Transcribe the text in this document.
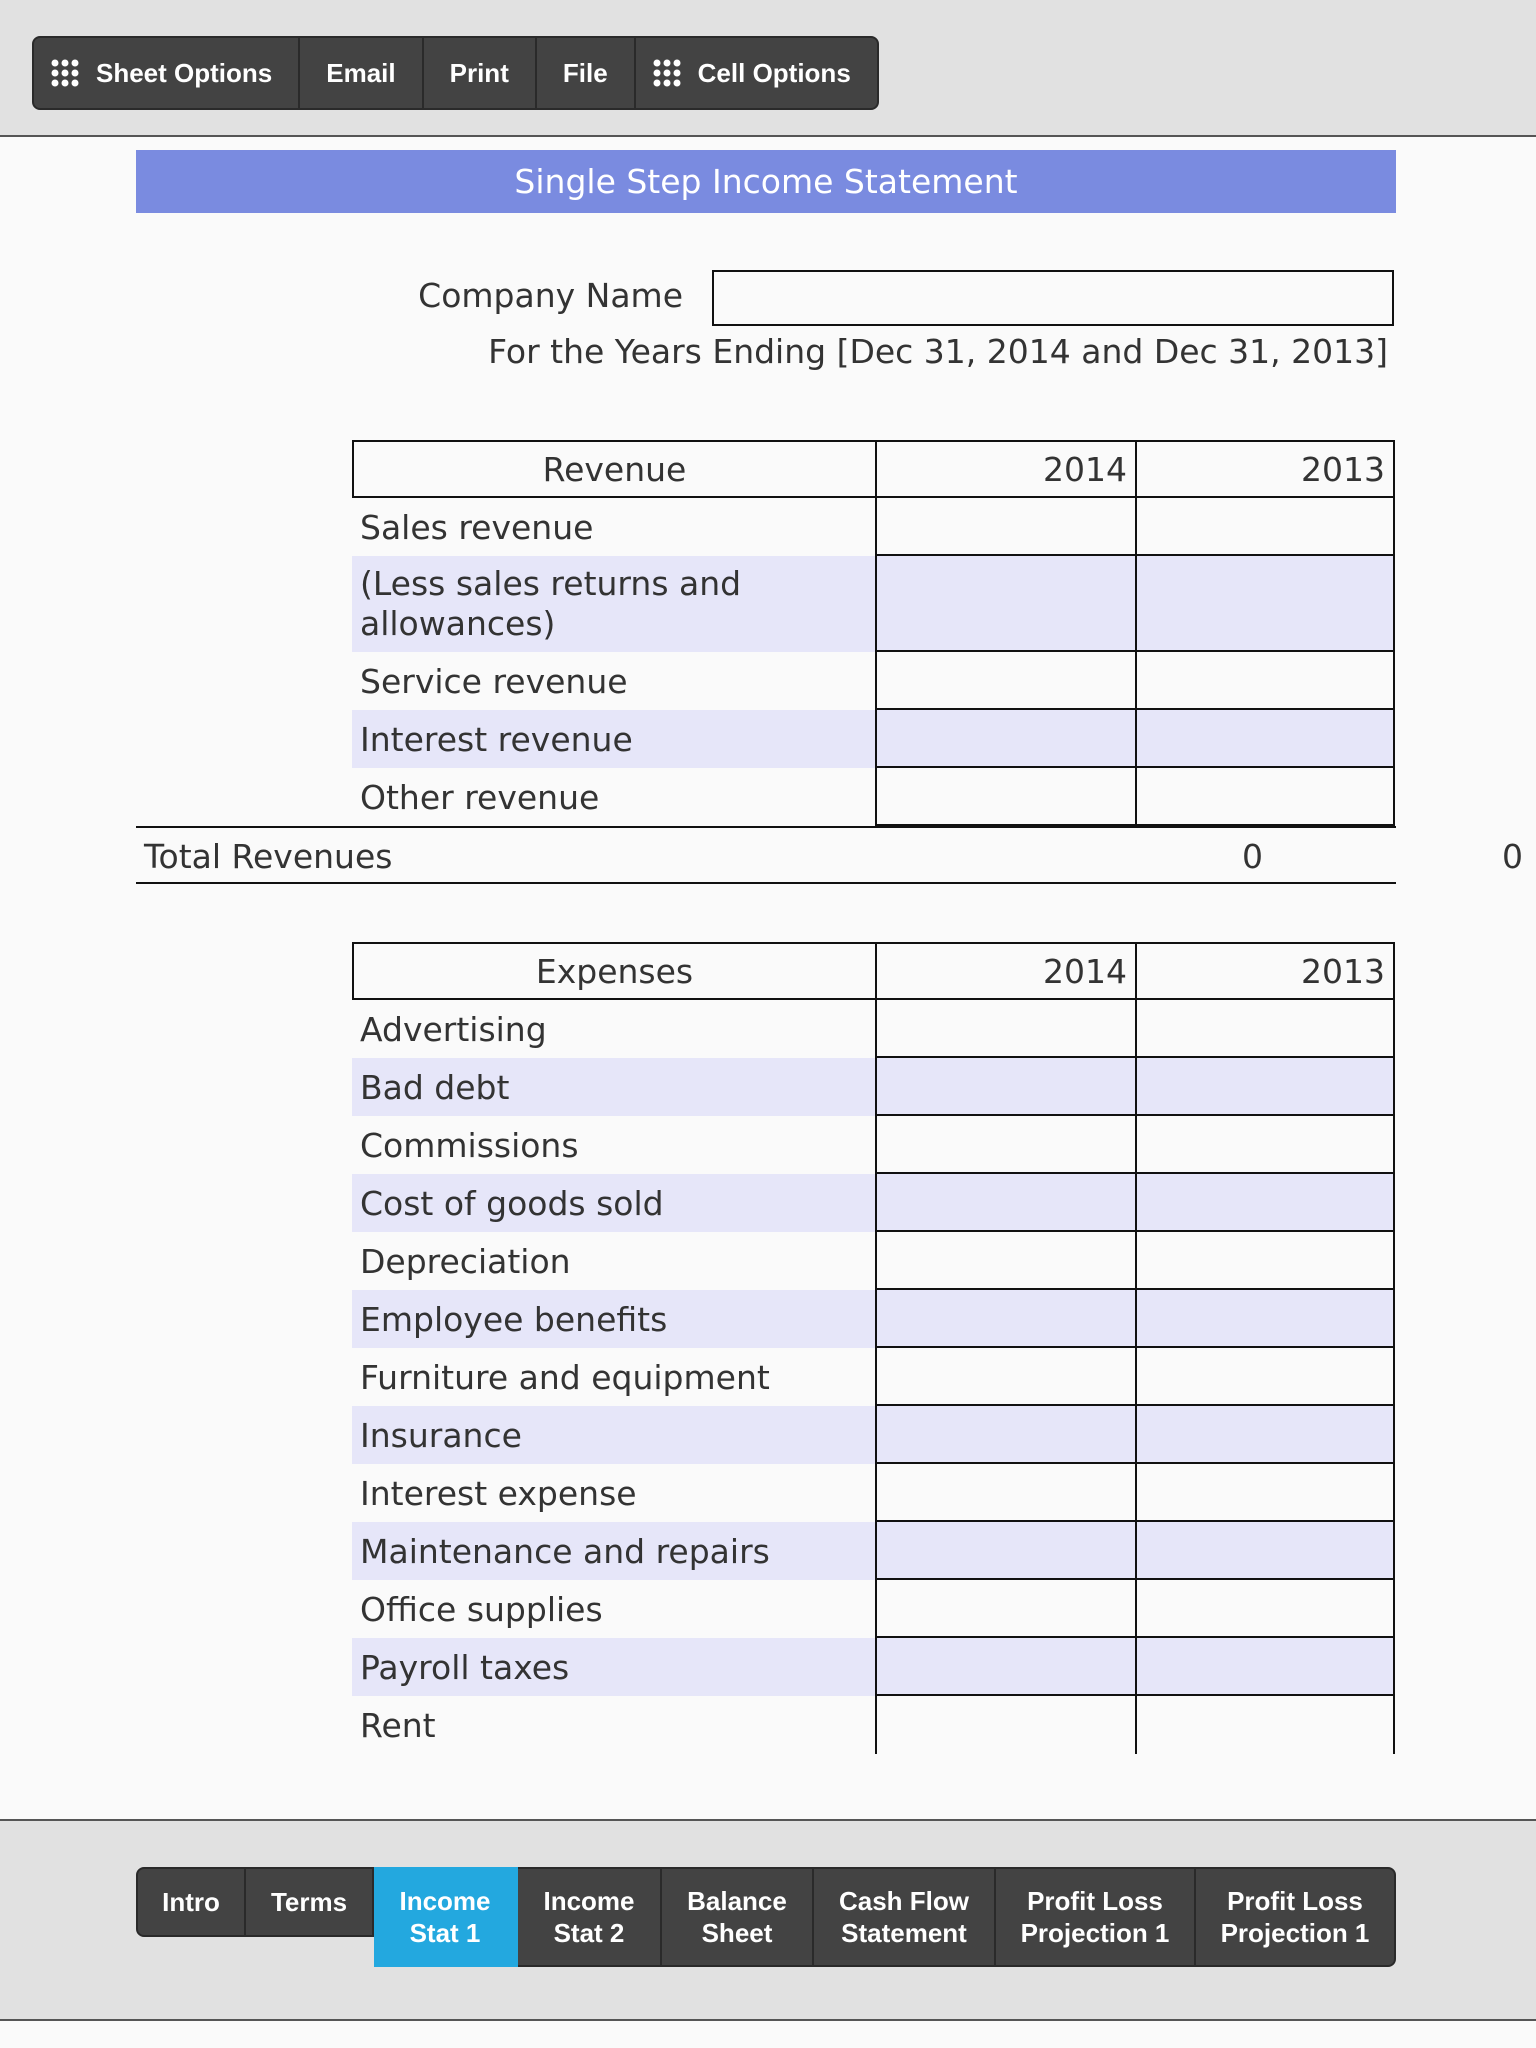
Sheet Options Email Print File	Cell Options
Single Step Income Statement
Company Name
For the Years Ending [Dec 31, 2014 and Dec 31, 2013]
Revenue	2014	2013
Sales revenue
(Less sales returns and allowances)
Service revenue
Interest revenue
Other revenue
Total Revenues	0	0
Expenses	2014	2013
Advertising
Bad debt
Commissions
Cost of goods sold
Depreciation
Employee benefits
Furniture and equipment
Insurance
Interest expense
Maintenance and repairs
Office supplies
Payroll taxes
Rent
Intro	Terms	Income Stat 1
Income Stat 2
Balance Sheet
Cash Flow Statement
Profit Loss Projection 1
Profit Loss Projection 1
